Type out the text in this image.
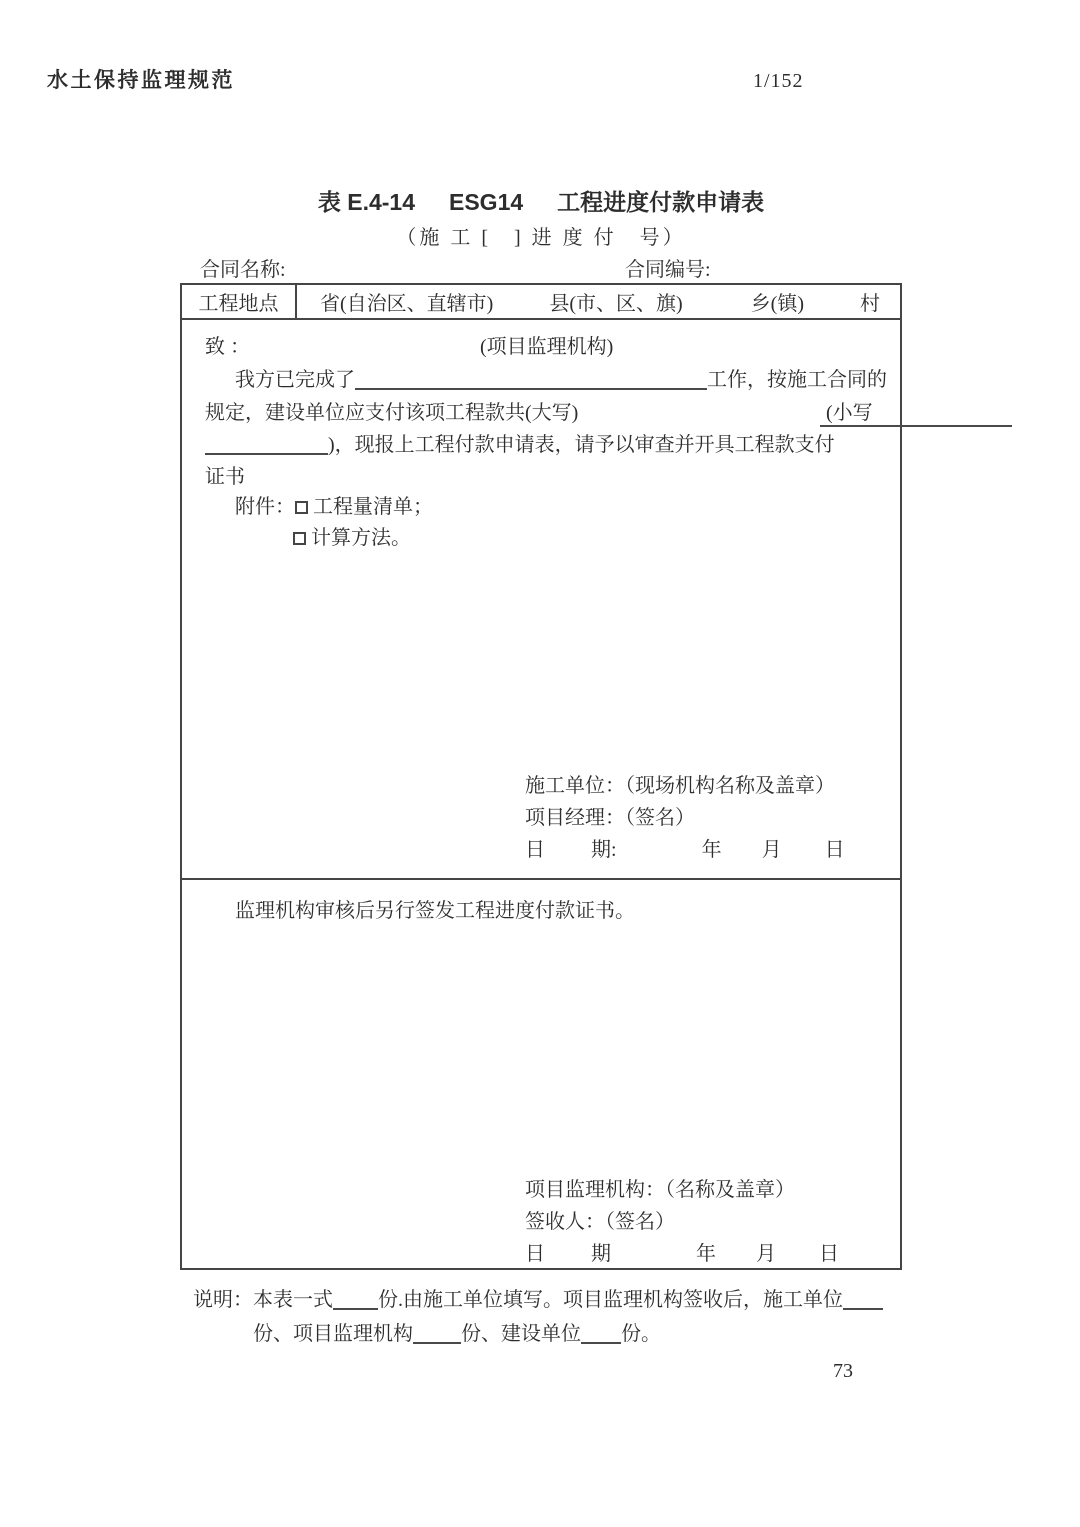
水土保持监理规范	1/152
表 E.4-14 ESG14 工程进度付款申请表
（施 工 [　] 进 度 付　号）
合同名称:	合同编号:
工程地点 省(自治区、直辖市)	县(市、区、旗)	乡(镇)	村
致 ：	(项目监理机构)
我方已完成了	工作，按施工合同的
规定，建设单位应支付该项工程款共(大写)	(小写
)，现报上工程付款申请表，请予以审查并开具工程款支付
证书
附件： 工程量清单；
计算方法。
施工单位：（现场机构名称及盖章）
项目经理：（签名）
日 期:	年 月 日
监理机构审核后另行签发工程进度付款证书。
项目监理机构：（名称及盖章）
签收人：（签名）
日 期	年 月 日
说明： 本表一式 份.由施工单位填写。项目监理机构签收后，施工单位
份、项目监理机构 份、建设单位 份。
73
